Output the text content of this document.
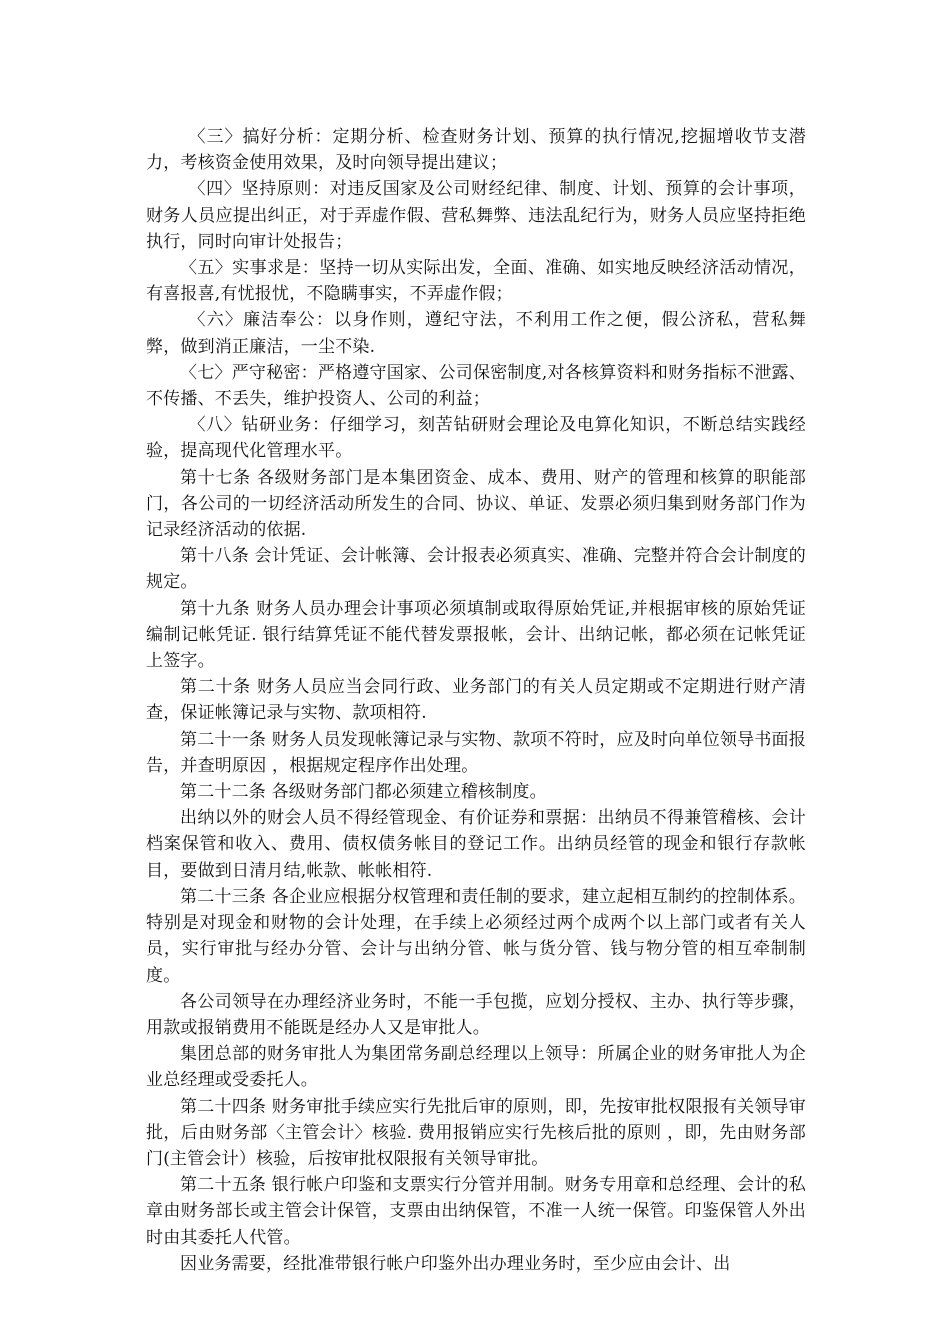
〈三〉搞好分析：定期分析、检查财务计划、预算的执行情况,挖掘增收节支潜力，考核资金使用效果，及时向领导提出建议；

〈四〉坚持原则：对违反国家及公司财经纪律、制度、计划、预算的会计事项，财务人员应提出纠正，对于弄虚作假、营私舞弊、违法乱纪行为，财务人员应坚持拒绝执行，同时向审计处报告；

〈五〉实事求是：坚持一切从实际出发，全面、准确、如实地反映经济活动情况，有喜报喜,有忧报忧，不隐瞒事实，不弄虚作假；

〈六〉廉洁奉公：以身作则，遵纪守法，不利用工作之便，假公济私，营私舞弊，做到消正廉洁，一尘不染.

〈七〉严守秘密：严格遵守国家、公司保密制度,对各核算资料和财务指标不泄露、不传播、不丢失，维护投资人、公司的利益；

〈八〉钻研业务：仔细学习，刻苦钻研财会理论及电算化知识，不断总结实践经验，提高现代化管理水平。

第十七条 各级财务部门是本集团资金、成本、费用、财产的管理和核算的职能部门，各公司的一切经济活动所发生的合同、协议、单证、发票必须归集到财务部门作为记录经济活动的依据.

第十八条 会计凭证、会计帐簿、会计报表必须真实、准确、完整并符合会计制度的规定。

第十九条 财务人员办理会计事项必须填制或取得原始凭证,并根据审核的原始凭证编制记帐凭证. 银行结算凭证不能代替发票报帐，会计、出纳记帐，都必须在记帐凭证上签字。

第二十条 财务人员应当会同行政、业务部门的有关人员定期或不定期进行财产清查，保证帐簿记录与实物、款项相符.

第二十一条 财务人员发现帐簿记录与实物、款项不符时，应及时向单位领导书面报告，并查明原因 ，根据规定程序作出处理。

第二十二条 各级财务部门都必须建立稽核制度。

出纳以外的财会人员不得经管现金、有价证券和票据：出纳员不得兼管稽核、会计档案保管和收入、费用、债权债务帐目的登记工作。出纳员经管的现金和银行存款帐目，要做到日清月结,帐款、帐帐相符.

第二十三条 各企业应根据分权管理和责任制的要求，建立起相互制约的控制体系。特别是对现金和财物的会计处理，在手续上必须经过两个成两个以上部门或者有关人员，实行审批与经办分管、会计与出纳分管、帐与货分管、钱与物分管的相互牵制制度。

各公司领导在办理经济业务时，不能一手包揽，应划分授权、主办、执行等步骤，用款或报销费用不能既是经办人又是审批人。

集团总部的财务审批人为集团常务副总经理以上领导：所属企业的财务审批人为企业总经理或受委托人。

第二十四条 财务审批手续应实行先批后审的原则，即，先按审批权限报有关领导审批，后由财务部〈主管会计〉核验. 费用报销应实行先核后批的原则 ，即，先由财务部门(主管会计）核验，后按审批权限报有关领导审批。

第二十五条 银行帐户印鉴和支票实行分管并用制。财务专用章和总经理、会计的私章由财务部长或主管会计保管，支票由出纳保管，不准一人统一保管。印鉴保管人外出时由其委托人代管。

因业务需要，经批准带银行帐户印鉴外出办理业务时，至少应由会计、出
